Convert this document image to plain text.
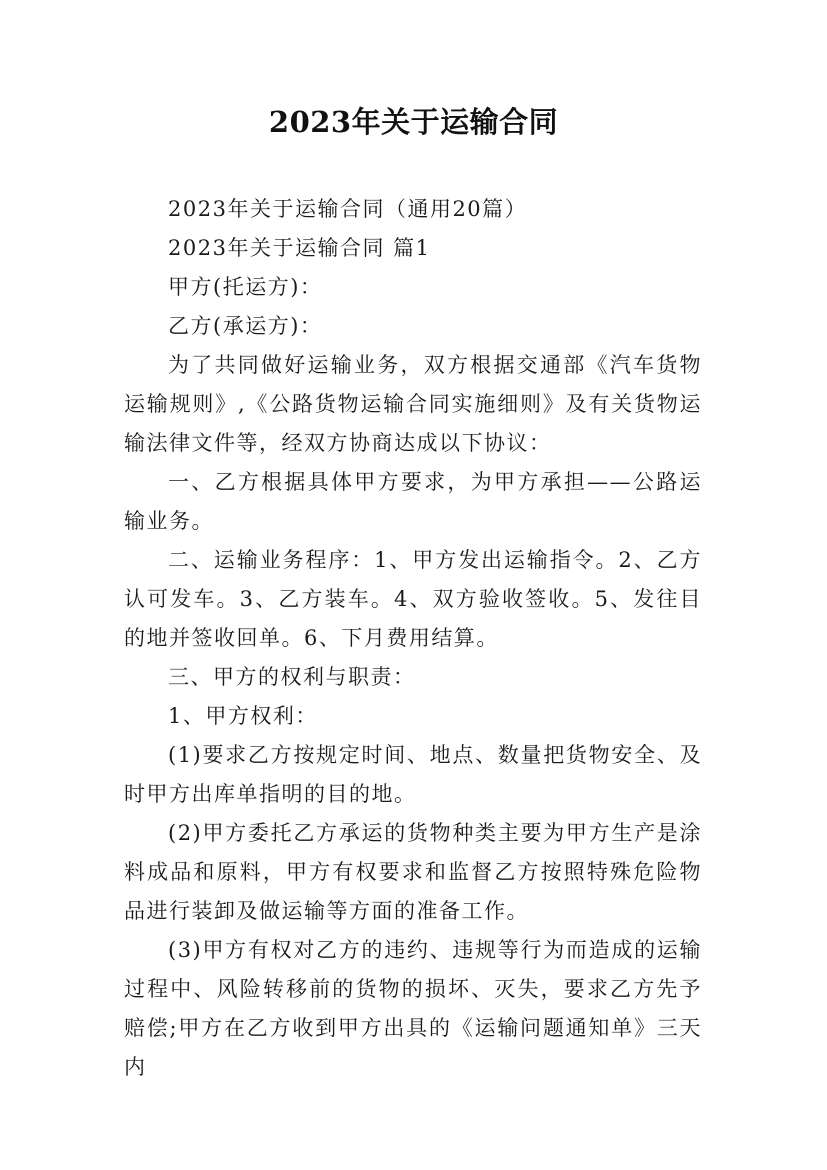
2023年关于运输合同

2023年关于运输合同（通用20篇）

2023年关于运输合同 篇1

甲方(托运方)：

乙方(承运方)：

为了共同做好运输业务，双方根据交通部《汽车货物运输规则》,《公路货物运输合同实施细则》及有关货物运输法律文件等，经双方协商达成以下协议：

一、乙方根据具体甲方要求，为甲方承担——公路运输业务。

二、运输业务程序：1、甲方发出运输指令。2、乙方认可发车。3、乙方装车。4、双方验收签收。5、发往目的地并签收回单。6、下月费用结算。

三、甲方的权利与职责：

1、甲方权利：

(1)要求乙方按规定时间、地点、数量把货物安全、及时甲方出库单指明的目的地。

(2)甲方委托乙方承运的货物种类主要为甲方生产是涂料成品和原料，甲方有权要求和监督乙方按照特殊危险物品进行装卸及做运输等方面的准备工作。

(3)甲方有权对乙方的违约、违规等行为而造成的运输过程中、风险转移前的货物的损坏、灭失，要求乙方先予赔偿;甲方在乙方收到甲方出具的《运输问题通知单》三天内
